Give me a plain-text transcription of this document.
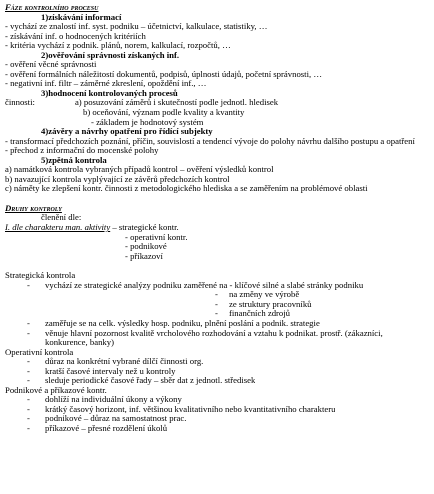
Fáze kontrolního procesu
1)získávání informací
- vychází ze znalostí inf. syst. podniku – účetnictví, kalkulace, statistiky, …
- získávání inf. o hodnocených kritériích
- kritéria vychází z podnik. plánů, norem, kalkulací, rozpočtů, …
2)ověřování správnosti získaných inf.
- ověření věcné správnosti
- ověření formálních náležitostí dokumentů, podpisů, úplnosti údajů, početní správnosti, …
- negativní inf. filtr – záměrné zkreslení, opoždění inf., …
3)hodnocení kontrolovaných procesů
činnosti:	a) posuzování záměrů i skutečností podle jednotl. hledisek
b) oceňování, význam podle kvality a kvantity
- základem je hodnotový systém
4)závěry a návrhy opatření pro řídící subjekty
- transformací předchozích poznání, příčin, souvislostí a tendencí vývoje do polohy návrhu dalšího postupu a opatření
- přechod z informační do mocenské polohy
5)zpětná kontrola
a) namátková kontrola vybraných případů kontrol – ověření výsledků kontrol
b) navazující kontrola vyplývající ze závěrů předchozích kontrol
c) náměty ke zlepšení kontr. činnosti z metodologického hlediska a se zaměřením na problémové oblasti
Druhy kontroly
členění dle:
I. dle charakteru man. aktivity – strategické kontr.
- operativní kontr.
- podnikové
- příkazoví
Strategická kontrola
-	vychází ze strategické analýzy podniku zaměřené na - klíčové silné a slabé stránky podniku
-	na změny ve výrobě
-	ze struktury pracovníků
-	finančních zdrojů
-	zaměřuje se na celk. výsledky hosp. podniku, plnění poslání a podnik. strategie
-	věnuje hlavní pozornost kvalitě vrcholového rozhodování a vztahu k podnikat. prostř. (zákazníci, konkurence, banky)
Operativní kontrola
-	důraz na konkrétní vybrané dílčí činnosti org.
-	kratší časové intervaly než u kontroly
-	sleduje periodické časové řady – sběr dat z jednotl. středisek
Podnikové a příkazové kontr.
-	dohlíží na individuální úkony a výkony
-	krátký časový horizont, inf. většinou kvalitativního nebo kvantitativního charakteru
-	podnikové – důraz na samostatnost prac.
-	příkazové – přesné rozdělení úkolů
